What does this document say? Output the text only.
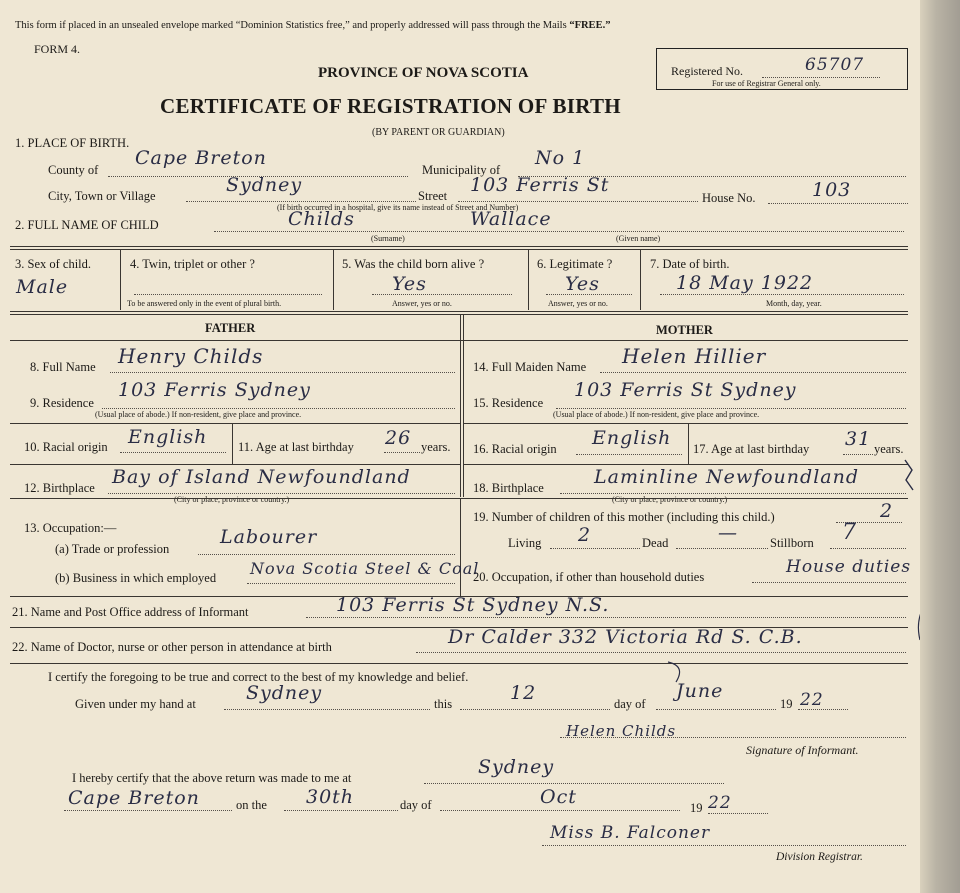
This form if placed in an unsealed envelope marked “Dominion Statistics free,” and properly addressed will pass through the Mails “FREE.”
FORM 4.
PROVINCE OF NOVA SCOTIA
CERTIFICATE OF REGISTRATION OF BIRTH
(BY PARENT OR GUARDIAN)
Registered No.	65707
For use of Registrar General only.
1. PLACE OF BIRTH.
County of
Cape Breton
Municipality of
No 1
City, Town or Village	Sydney	Street 103 Ferris St
(If birth occurred in a hospital, give its name instead of Street and Number)
House No.	103
2. FULL NAME OF CHILD	Childs	Wallace
(Surname)	(Given name)
3. Sex of child.
Male
4. Twin, triplet or other ?
To be answered only in the event of plural birth.
5. Was the child born alive ?
Yes
Answer, yes or no.
6. Legitimate ?
Yes
Answer, yes or no.
7. Date of birth.
18 May 1922
Month, day, year.
FATHER	MOTHER
8. Full Name Henry Childs
9. Residence
103 Ferris Sydney
(Usual place of abode.) If non-resident, give place and province.
10. Racial origin English 11. Age at last birthday 26 years.
12. Birthplace Bay of Island Newfoundland
(City or place, province or country.)
14. Full Maiden Name Helen Hillier
15. Residence
103 Ferris St Sydney
(Usual place of abode.) If non-resident, give place and province.
16. Racial origin English 17. Age at last birthday 31 years.
18. Birthplace	Laminline Newfoundland
(City or place, province or country.)
13. Occupation:—
(a) Trade or profession
Labourer
(b) Business in which employed Nova Scotia Steel & Coal
19. Number of children of this mother (including this child.)	2
Living 2	Dead	—	Stillborn 7
20. Occupation, if other than household duties	House duties
21. Name and Post Office address of Informant	103 Ferris St Sydney N.S.
22. Name of Doctor, nurse or other person in attendance at birth	Dr Calder 332 Victoria Rd S. C.B.
I certify the foregoing to be true and correct to the best of my knowledge and belief.
Given under my hand at	Sydney	this	12	day of
June
19 22
Helen Childs
Signature of Informant.
I hereby certify that the above return was made to me at	Sydney
Cape Breton	on the 30th	day of	Oct	19 22
Miss B. Falconer
Division Registrar.
